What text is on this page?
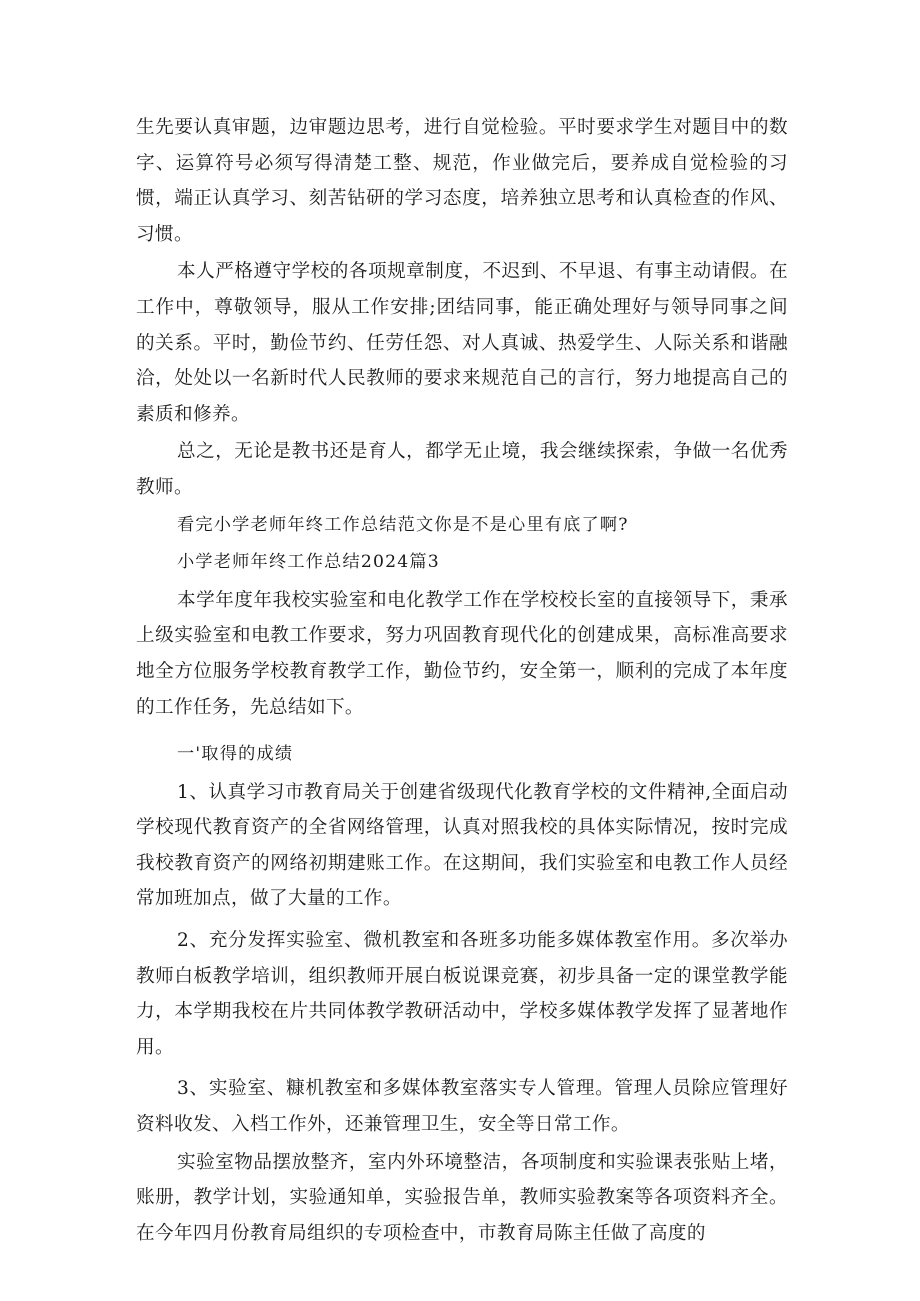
生先要认真审题，边审题边思考，进行自觉检验。平时要求学生对题目中的数字、运算符号必须写得清楚工整、规范，作业做完后，要养成自觉检验的习惯，端正认真学习、刻苦钻研的学习态度，培养独立思考和认真检查的作风、习惯。

本人严格遵守学校的各项规章制度，不迟到、不早退、有事主动请假。在工作中，尊敬领导，服从工作安排;团结同事，能正确处理好与领导同事之间的关系。平时，勤俭节约、任劳任怨、对人真诚、热爱学生、人际关系和谐融洽，处处以一名新时代人民教师的要求来规范自己的言行，努力地提高自己的素质和修养。

总之，无论是教书还是育人，都学无止境，我会继续探索，争做一名优秀教师。

看完小学老师年终工作总结范文你是不是心里有底了啊?

小学老师年终工作总结2024篇3

本学年度年我校实验室和电化教学工作在学校校长室的直接领导下，秉承上级实验室和电教工作要求，努力巩固教育现代化的创建成果，高标准高要求地全方位服务学校教育教学工作，勤俭节约，安全第一，顺利的完成了本年度的工作任务，先总结如下。

一'取得的成绩

1、认真学习市教育局关于创建省级现代化教育学校的文件精神,全面启动学校现代教育资产的全省网络管理，认真对照我校的具体实际情况，按时完成我校教育资产的网络初期建账工作。在这期间，我们实验室和电教工作人员经常加班加点，做了大量的工作。

2、充分发挥实验室、微机教室和各班多功能多媒体教室作用。多次举办教师白板教学培训，组织教师开展白板说课竞赛，初步具备一定的课堂教学能力，本学期我校在片共同体教学教研活动中，学校多媒体教学发挥了显著地作用。

3、实验室、糠机教室和多媒体教室落实专人管理。管理人员除应管理好资料收发、入档工作外，还兼管理卫生，安全等日常工作。

实验室物品摆放整齐，室内外环境整洁，各项制度和实验课表张贴上堵，账册，教学计划，实验通知单，实验报告单，教师实验教案等各项资料齐全。在今年四月份教育局组织的专项检查中，市教育局陈主任做了高度的
